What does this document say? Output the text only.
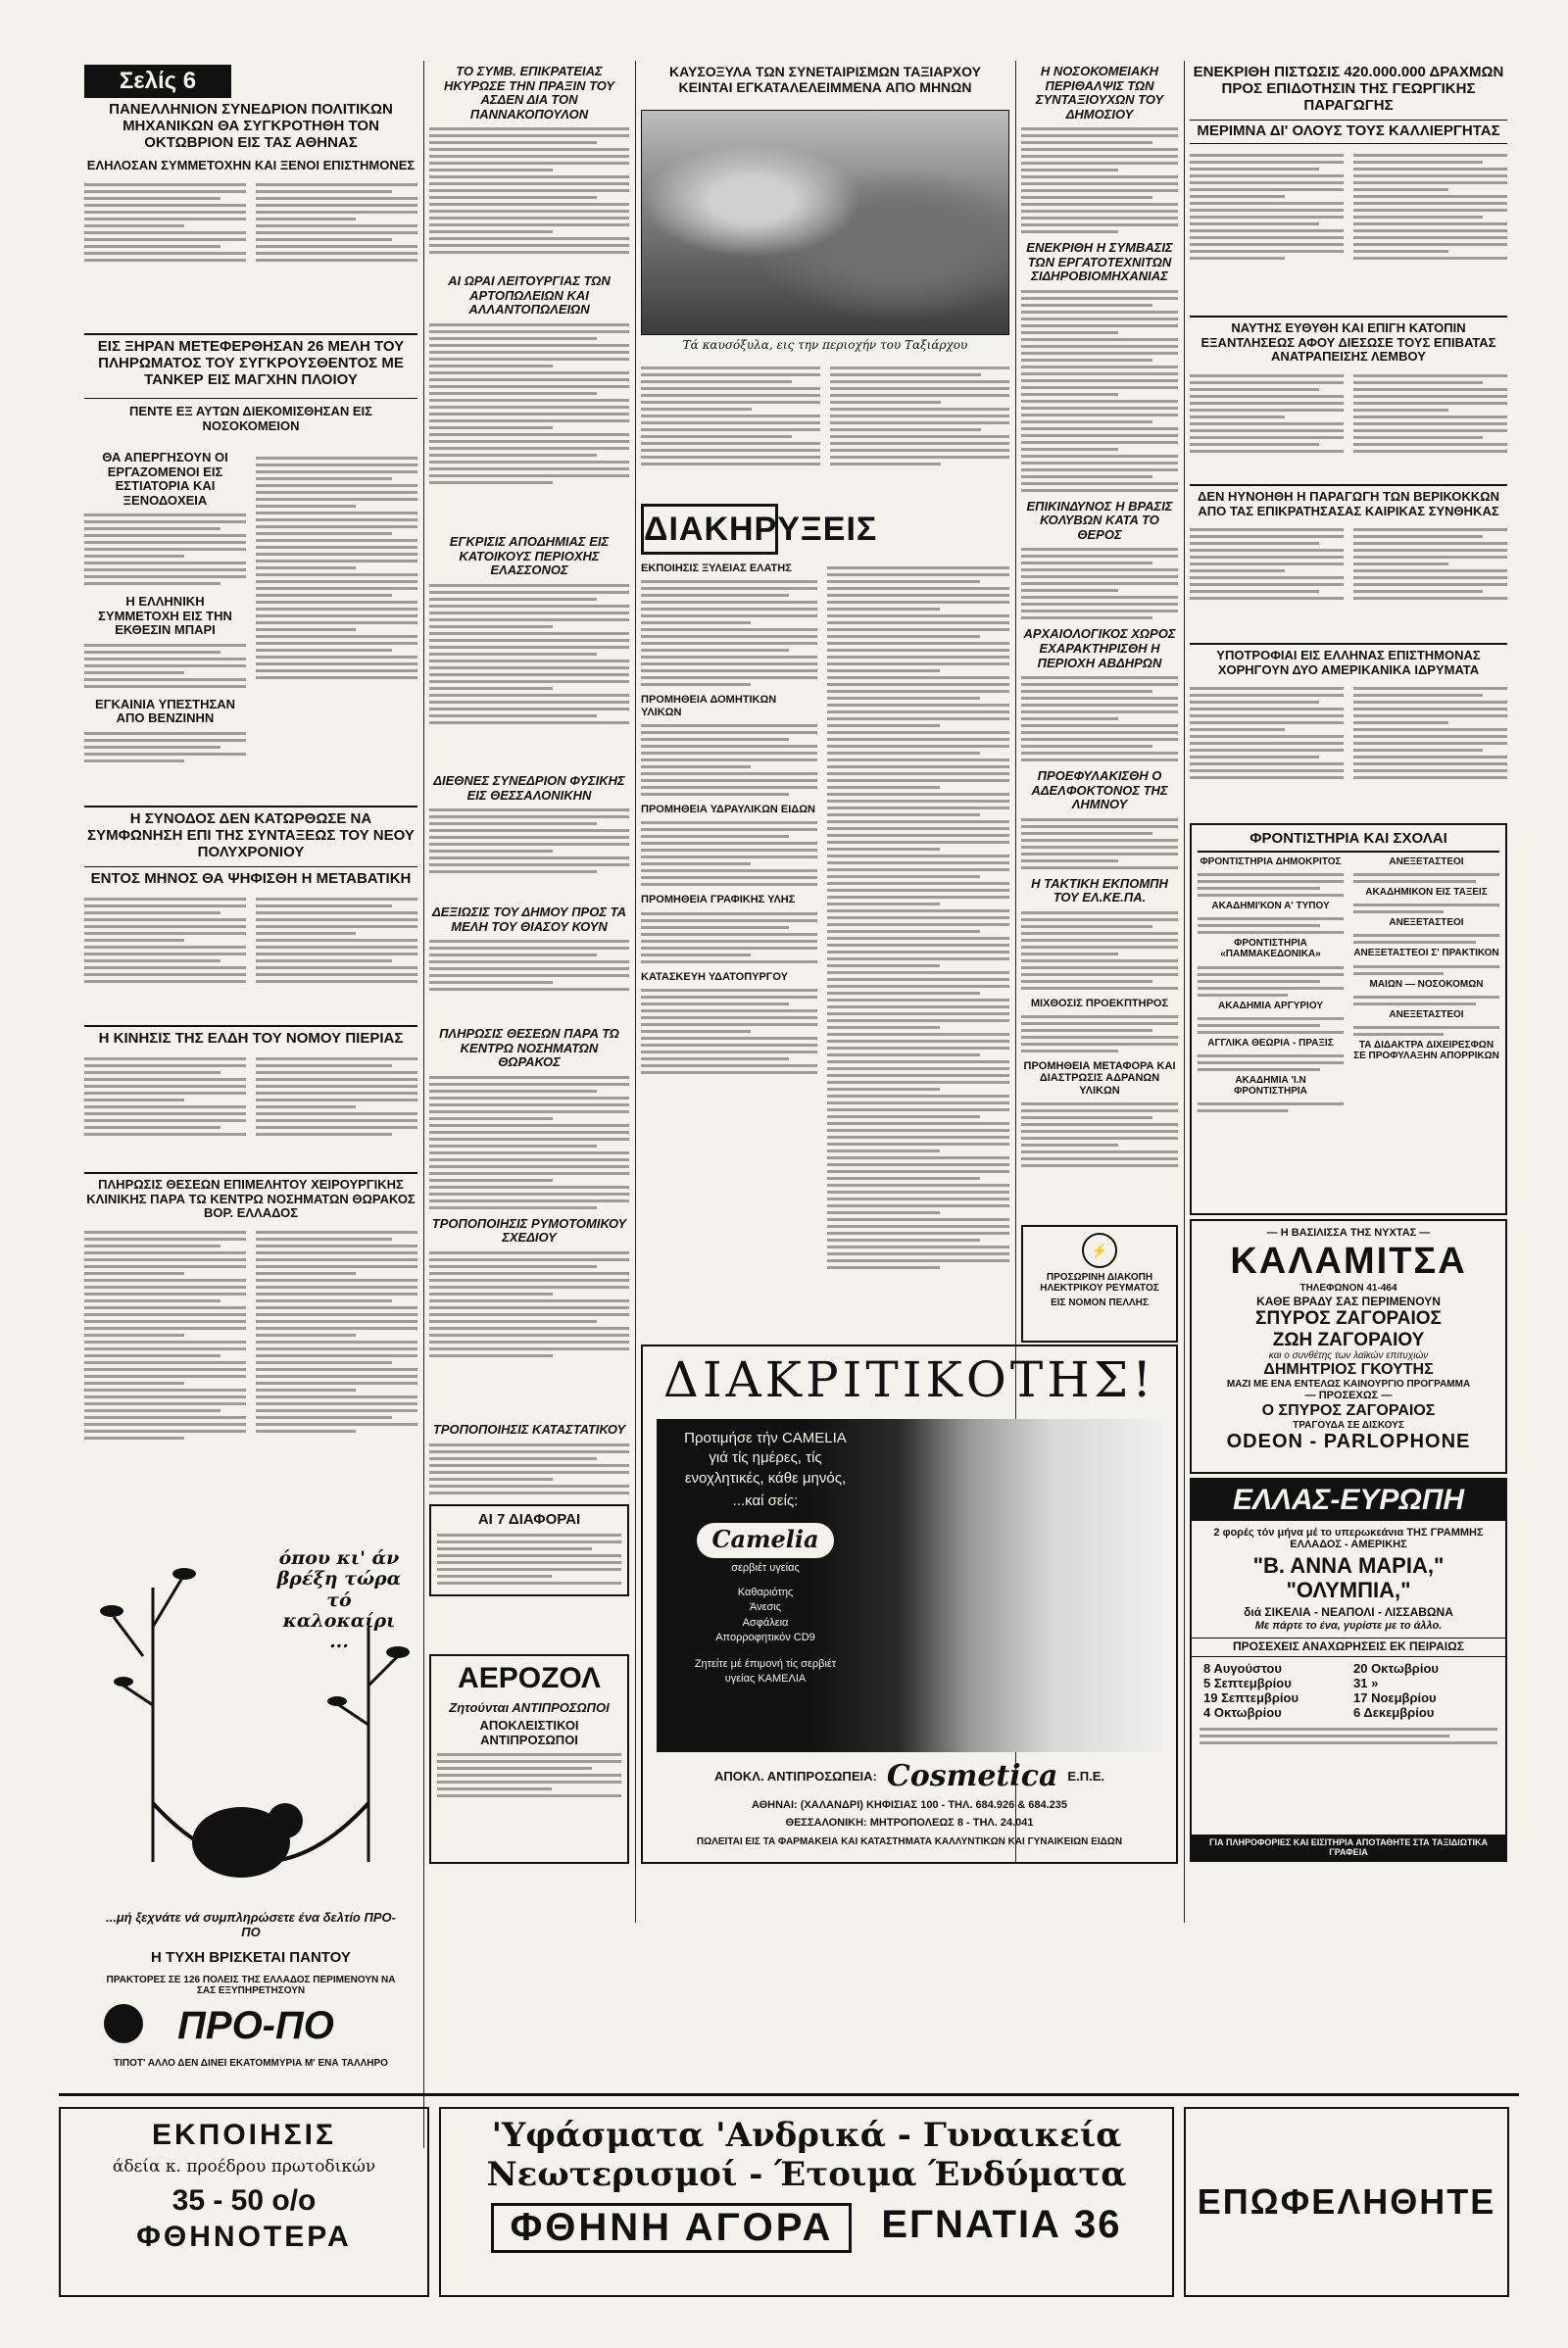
Σελίς 6

ΠΑΝΕΛΛΗΝΙΟΝ ΣΥΝΕΔΡΙΟΝ ΠΟΛΙΤΙΚΩΝ ΜΗΧΑΝΙΚΩΝ ΘΑ ΣΥΓΚΡΟΤΗΘΗ ΤΟΝ ΟΚΤΩΒΡΙΟΝ ΕΙΣ ΤΑΣ ΑΘΗΝΑΣ

ΕΛΗΛΟΣΑΝ ΣΥΜΜΕΤΟΧΗΝ ΚΑΙ ΞΕΝΟΙ ΕΠΙΣΤΗΜΟΝΕΣ

ΕΙΣ ΞΗΡΑΝ ΜΕΤΕΦΕΡΘΗΣΑΝ 26 ΜΕΛΗ ΤΟΥ ΠΛΗΡΩΜΑΤΟΣ ΤΟΥ ΣΥΓΚΡΟΥΣΘΕΝΤΟΣ ΜΕ ΤΑΝΚΕΡ ΕΙΣ ΜΑΓΧΗΝ ΠΛΟΙΟΥ

ΠΕΝΤΕ ΕΞ ΑΥΤΩΝ ΔΙΕΚΟΜΙΣΘΗΣΑΝ ΕΙΣ ΝΟΣΟΚΟΜΕΙΟΝ

ΘΑ ΑΠΕΡΓΗΣΟΥΝ ΟΙ ΕΡΓΑΖΟΜΕΝΟΙ ΕΙΣ ΕΣΤΙΑΤΟΡΙΑ ΚΑΙ ΞΕΝΟΔΟΧΕΙΑ

Η ΕΛΛΗΝΙΚΗ ΣΥΜΜΕΤΟΧΗ ΕΙΣ ΤΗΝ ΕΚΘΕΣΙΝ ΜΠΑΡΙ

ΕΓΚΑΙΝΙΑ ΥΠΕΣΤΗΣΑΝ ΑΠΟ ΒΕΝΖΙΝΗΝ

Η ΣΥΝΟΔΟΣ ΔΕΝ ΚΑΤΩΡΘΩΣΕ ΝΑ ΣΥΜΦΩΝΗΣΗ ΕΠΙ ΤΗΣ ΣΥΝΤΑΞΕΩΣ ΤΟΥ ΝΕΟΥ ΠΟΛΥΧΡΟΝΙΟΥ

ΕΝΤΟΣ ΜΗΝΟΣ ΘΑ ΨΗΦΙΣΘΗ Η ΜΕΤΑΒΑΤΙΚΗ

Η ΚΙΝΗΣΙΣ ΤΗΣ ΕΛΔΗ ΤΟΥ ΝΟΜΟΥ ΠΙΕΡΙΑΣ

ΠΛΗΡΩΣΙΣ ΘΕΣΕΩΝ ΕΠΙΜΕΛΗΤΟΥ ΧΕΙΡΟΥΡΓΙΚΗΣ ΚΛΙΝΙΚΗΣ ΠΑΡΑ ΤΩ ΚΕΝΤΡΩ ΝΟΣΗΜΑΤΩΝ ΘΩΡΑΚΟΣ ΒΟΡ. ΕΛΛΑΔΟΣ

όπου κι' άν βρέξη τώρα τό καλοκαίρι ...

...μή ξεχνάτε νά συμπληρώσετε ένα δελτίο ΠΡΟ-ΠΟ

Η ΤΥΧΗ ΒΡΙΣΚΕΤΑΙ ΠΑΝΤΟΥ

ΠΡΑΚΤΟΡΕΣ ΣΕ 126 ΠΟΛΕΙΣ ΤΗΣ ΕΛΛΑΔΟΣ ΠΕΡΙΜΕΝΟΥΝ ΝΑ ΣΑΣ ΕΞΥΠΗΡΕΤΗΣΟΥΝ

ΠΡΟ-ΠΟ

ΤΙΠΟΤ' ΑΛΛΟ ΔΕΝ ΔΙΝΕΙ ΕΚΑΤΟΜΜΥΡΙΑ Μ' ΕΝΑ ΤΑΛΛΗΡΟ

ΤΟ ΣΥΜΒ. ΕΠΙΚΡΑΤΕΙΑΣ ΗΚΥΡΩΣΕ ΤΗΝ ΠΡΑΞΙΝ ΤΟΥ ΑΣΔΕΝ ΔΙΑ ΤΟΝ ΠΑΝΝΑΚΟΠΟΥΛΟΝ

ΑΙ ΩΡΑΙ ΛΕΙΤΟΥΡΓΙΑΣ ΤΩΝ ΑΡΤΟΠΩΛΕΙΩΝ ΚΑΙ ΑΛΛΑΝΤΟΠΩΛΕΙΩΝ

ΕΓΚΡΙΣΙΣ ΑΠΟΔΗΜΙΑΣ ΕΙΣ ΚΑΤΟΙΚΟΥΣ ΠΕΡΙΟΧΗΣ ΕΛΑΣΣΟΝΟΣ

ΔΙΕΘΝΕΣ ΣΥΝΕΔΡΙΟΝ ΦΥΣΙΚΗΣ ΕΙΣ ΘΕΣΣΑΛΟΝΙΚΗΝ

ΔΕΞΙΩΣΙΣ ΤΟΥ ΔΗΜΟΥ ΠΡΟΣ ΤΑ ΜΕΛΗ ΤΟΥ ΘΙΑΣΟΥ ΚΟΥΝ

ΠΛΗΡΩΣΙΣ ΘΕΣΕΩΝ ΠΑΡΑ ΤΩ ΚΕΝΤΡΩ ΝΟΣΗΜΑΤΩΝ ΘΩΡΑΚΟΣ

ΤΡΟΠΟΠΟΙΗΣΙΣ ΡΥΜΟΤΟΜΙΚΟΥ ΣΧΕΔΙΟΥ

ΤΡΟΠΟΠΟΙΗΣΙΣ ΚΑΤΑΣΤΑΤΙΚΟΥ

ΑΙ 7 ΔΙΑΦΟΡΑΙ

ΑΕΡΟΖΟΛ

Ζητούνται ΑΝΤΙΠΡΟΣΩΠΟΙ

ΑΠΟΚΛΕΙΣΤΙΚΟΙ ΑΝΤΙΠΡΟΣΩΠΟΙ

ΚΑΥΣΟΞΥΛΑ ΤΩΝ ΣΥΝΕΤΑΙΡΙΣΜΩΝ ΤΑΞΙΑΡΧΟΥ ΚΕΙΝΤΑΙ ΕΓΚΑΤΑΛΕΛΕΙΜΜΕΝΑ ΑΠΟ ΜΗΝΩΝ

Τά καυσόξυλα, εις την περιοχήν του Ταξιάρχου

ΔΙΑΚΗΡΥΞΕΙΣ

ΕΚΠΟΙΗΣΙΣ ΞΥΛΕΙΑΣ ΕΛΑΤΗΣ

ΠΡΟΜΗΘΕΙΑ ΔΟΜΗΤΙΚΩΝ ΥΛΙΚΩΝ

ΠΡΟΜΗΘΕΙΑ ΥΔΡΑΥΛΙΚΩΝ ΕΙΔΩΝ

ΠΡΟΜΗΘΕΙΑ ΓΡΑΦΙΚΗΣ ΥΛΗΣ

ΚΑΤΑΣΚΕΥΗ ΥΔΑΤΟΠΥΡΓΟΥ

Η ΝΟΣΟΚΟΜΕΙΑΚΗ ΠΕΡΙΘΑΛΨΙΣ ΤΩΝ ΣΥΝΤΑΞΙΟΥΧΩΝ ΤΟΥ ΔΗΜΟΣΙΟΥ

ΕΝΕΚΡΙΘΗ Η ΣΥΜΒΑΣΙΣ ΤΩΝ ΕΡΓΑΤΟΤΕΧΝΙΤΩΝ ΣΙΔΗΡΟΒΙΟΜΗΧΑΝΙΑΣ

ΕΠΙΚΙΝΔΥΝΟΣ Η ΒΡΑΣΙΣ ΚΟΛΥΒΩΝ ΚΑΤΑ ΤΟ ΘΕΡΟΣ

ΑΡΧΑΙΟΛΟΓΙΚΟΣ ΧΩΡΟΣ ΕΧΑΡΑΚΤΗΡΙΣΘΗ Η ΠΕΡΙΟΧΗ ΑΒΔΗΡΩΝ

ΠΡΟΕΦΥΛΑΚΙΣΘΗ Ο ΑΔΕΛΦΟΚΤΟΝΟΣ ΤΗΣ ΛΗΜΝΟΥ

Η ΤΑΚΤΙΚΗ ΕΚΠΟΜΠΗ ΤΟΥ ΕΛ.ΚΕ.ΠΑ.

ΜΙΧΘΟΣΙΣ ΠΡΟΕΚΠΤΗΡΟΣ

ΠΡΟΜΗΘΕΙΑ ΜΕΤΑΦΟΡΑ ΚΑΙ ΔΙΑΣΤΡΩΣΙΣ ΑΔΡΑΝΩΝ ΥΛΙΚΩΝ

⚡

ΠΡΟΣΩΡΙΝΗ ΔΙΑΚΟΠΗ ΗΛΕΚΤΡΙΚΟΥ ΡΕΥΜΑΤΟΣ

ΕΙΣ ΝΟΜΟΝ ΠΕΛΛΗΣ

ΕΝΕΚΡΙΘΗ ΠΙΣΤΩΣΙΣ 420.000.000 ΔΡΑΧΜΩΝ ΠΡΟΣ ΕΠΙΔΟΤΗΣΙΝ ΤΗΣ ΓΕΩΡΓΙΚΗΣ ΠΑΡΑΓΩΓΗΣ

ΜΕΡΙΜΝΑ ΔΙ' ΟΛΟΥΣ ΤΟΥΣ ΚΑΛΛΙΕΡΓΗΤΑΣ

ΝΑΥΤΗΣ ΕΥΘΥΘΗ ΚΑΙ ΕΠΙΓΗ ΚΑΤΟΠΙΝ ΕΞΑΝΤΛΗΣΕΩΣ ΑΦΟΥ ΔΙΕΣΩΣΕ ΤΟΥΣ ΕΠΙΒΑΤΑΣ ΑΝΑΤΡΑΠΕΙΣΗΣ ΛΕΜΒΟΥ

ΔΕΝ ΗΥΝΟΗΘΗ Η ΠΑΡΑΓΩΓΗ ΤΩΝ ΒΕΡΙΚΟΚΚΩΝ ΑΠΟ ΤΑΣ ΕΠΙΚΡΑΤΗΣΑΣΑΣ ΚΑΙΡΙΚΑΣ ΣΥΝΘΗΚΑΣ

ΥΠΟΤΡΟΦΙΑΙ ΕΙΣ ΕΛΛΗΝΑΣ ΕΠΙΣΤΗΜΟΝΑΣ ΧΟΡΗΓΟΥΝ ΔΥΟ ΑΜΕΡΙΚΑΝΙΚΑ ΙΔΡΥΜΑΤΑ

ΦΡΟΝΤΙΣΤΗΡΙΑ ΚΑΙ ΣΧΟΛΑΙ

ΦΡΟΝΤΙΣΤΗΡΙΑ ΔΗΜΟΚΡΙΤΟΣ

ΑΚΑΔΗΜΙ'ΚΟΝ Α' ΤΥΠΟΥ

ΦΡΟΝΤΙΣΤΗΡΙΑ «ΠΑΜΜΑΚΕΔΟΝΙΚΑ»

ΑΚΑΔΗΜΙΑ ΑΡΓΥΡΙΟΥ

ΑΓΓΛΙΚΑ ΘΕΩΡΙΑ - ΠΡΑΞΙΣ

ΑΚΑΔΗΜΙΑ 'Ι.Ν ΦΡΟΝΤΙΣΤΗΡΙΑ

ΑΝΕΞΕΤΑΣΤΕΟΙ

ΑΚΑΔΗΜΙΚΟΝ ΕΙΣ ΤΑΞΕΙΣ

ΑΝΕΞΕΤΑΣΤΕΟΙ

ΑΝΕΞΕΤΑΣΤΕΟΙ Σ' ΠΡΑΚΤΙΚΟΝ

ΜΑΙΩΝ — ΝΟΣΟΚΟΜΩΝ

ΑΝΕΞΕΤΑΣΤΕΟΙ

ΤΑ ΔΙΔΑΚΤΡΑ ΔΙΧΕΙΡΕΣΦΩΝ ΣΕ ΠΡΟΦΥΛΑΞΗΝ ΑΠΟΡΡΙΚΩΝ

— Η ΒΑΣΙΛΙΣΣΑ ΤΗΣ ΝΥΧΤΑΣ —

ΚΑΛΑΜΙΤΣΑ

ΤΗΛΕΦΩΝΟΝ 41-464

ΚΑΘΕ ΒΡΑΔΥ ΣΑΣ ΠΕΡΙΜΕΝΟΥΝ

ΣΠΥΡΟΣ ΖΑΓΟΡΑΙΟΣ

ΖΩΗ ΖΑΓΟΡΑΙΟΥ

και ο συνθέτης των λαϊκών επιτυχιών

ΔΗΜΗΤΡΙΟΣ ΓΚΟΥΤΗΣ

ΜΑΖΙ ΜΕ ΕΝΑ ΕΝΤΕΛΩΣ ΚΑΙΝΟΥΡΓΙΟ ΠΡΟΓΡΑΜΜΑ

— ΠΡΟΣΕΧΩΣ —

Ο ΣΠΥΡΟΣ ΖΑΓΟΡΑΙΟΣ

ΤΡΑΓΟΥΔΑ ΣΕ ΔΙΣΚΟΥΣ

ODEON - PARLOPHONE

ΕΛΛΑΣ-ΕΥΡΩΠΗ

2 φορές τόν μήνα μέ το υπερωκεάνια ΤΗΣ ΓΡΑΜΜΗΣ ΕΛΛΑΔΟΣ - ΑΜΕΡΙΚΗΣ

"Β. ΑΝΝΑ ΜΑΡΙΑ,"

"ΟΛΥΜΠΙΑ,"

διά ΣΙΚΕΛΙΑ - ΝΕΑΠΟΛΙ - ΛΙΣΣΑΒΩΝΑ

Με πάρτε το ένα, γυρίστε με το άλλο.

ΠΡΟΣΕΧΕΙΣ ΑΝΑΧΩΡΗΣΕΙΣ ΕΚ ΠΕΙΡΑΙΩΣ

8 Αυγούστου
5 Σεπτεμβρίου
19 Σεπτεμβρίου
4 Οκτωβρίου
20 Οκτωβρίου
31 »
17 Νοεμβρίου
6 Δεκεμβρίου

ΓΙΑ ΠΛΗΡΟΦΟΡΙΕΣ ΚΑΙ ΕΙΣΙΤΗΡΙΑ ΑΠΟΤΑΘΗΤΕ ΣΤΑ ΤΑΞΙΔΙΩΤΙΚΑ ΓΡΑΦΕΙΑ

ΔΙΑΚΡΙΤΙΚΟΤΗΣ!

Προτιμήσε τήν CAMELIA γιά τίς ημέρες, τίς ενοχλητικές, κάθε μηνός,

...καί σείς:

Camelia

σερβιέτ υγείας

Καθαριότης
Άνεσις
Ασφάλεια
Απορροφητικόν CD9

Ζητείτε μέ έπιμονή τίς σερβιέτ υγείας ΚΑΜΕΛΙΑ

ΑΠΟΚΛ. ΑΝΤΙΠΡΟΣΩΠΕΙΑ: Cosmetica Ε.Π.Ε.

ΑΘΗΝΑΙ: (ΧΑΛΑΝΔΡΙ) ΚΗΦΙΣΙΑΣ 100 - ΤΗΛ. 684.926 & 684.235

ΘΕΣΣΑΛΟΝΙΚΗ: ΜΗΤΡΟΠΟΛΕΩΣ 8 - ΤΗΛ. 24.041

ΠΩΛΕΙΤΑΙ ΕΙΣ ΤΑ ΦΑΡΜΑΚΕΙΑ ΚΑΙ ΚΑΤΑΣΤΗΜΑΤΑ ΚΑΛΛΥΝΤΙΚΩΝ ΚΑΙ ΓΥΝΑΙΚΕΙΩΝ ΕΙΔΩΝ

ΕΚΠΟΙΗΣΙΣ

άδεία κ. προέδρου πρωτοδικών

35 - 50 ο/ο

ΦΘΗΝΟΤΕΡΑ

'Υφάσματα 'Ανδρικά - Γυναικεία

Νεωτερισμοί - Έτοιμα Ένδύματα

ΦΘΗΝΗ ΑΓΟΡΑ	ΕΓΝΑΤΙΑ 36

ΕΠΩΦΕΛΗΘΗΤΕ
